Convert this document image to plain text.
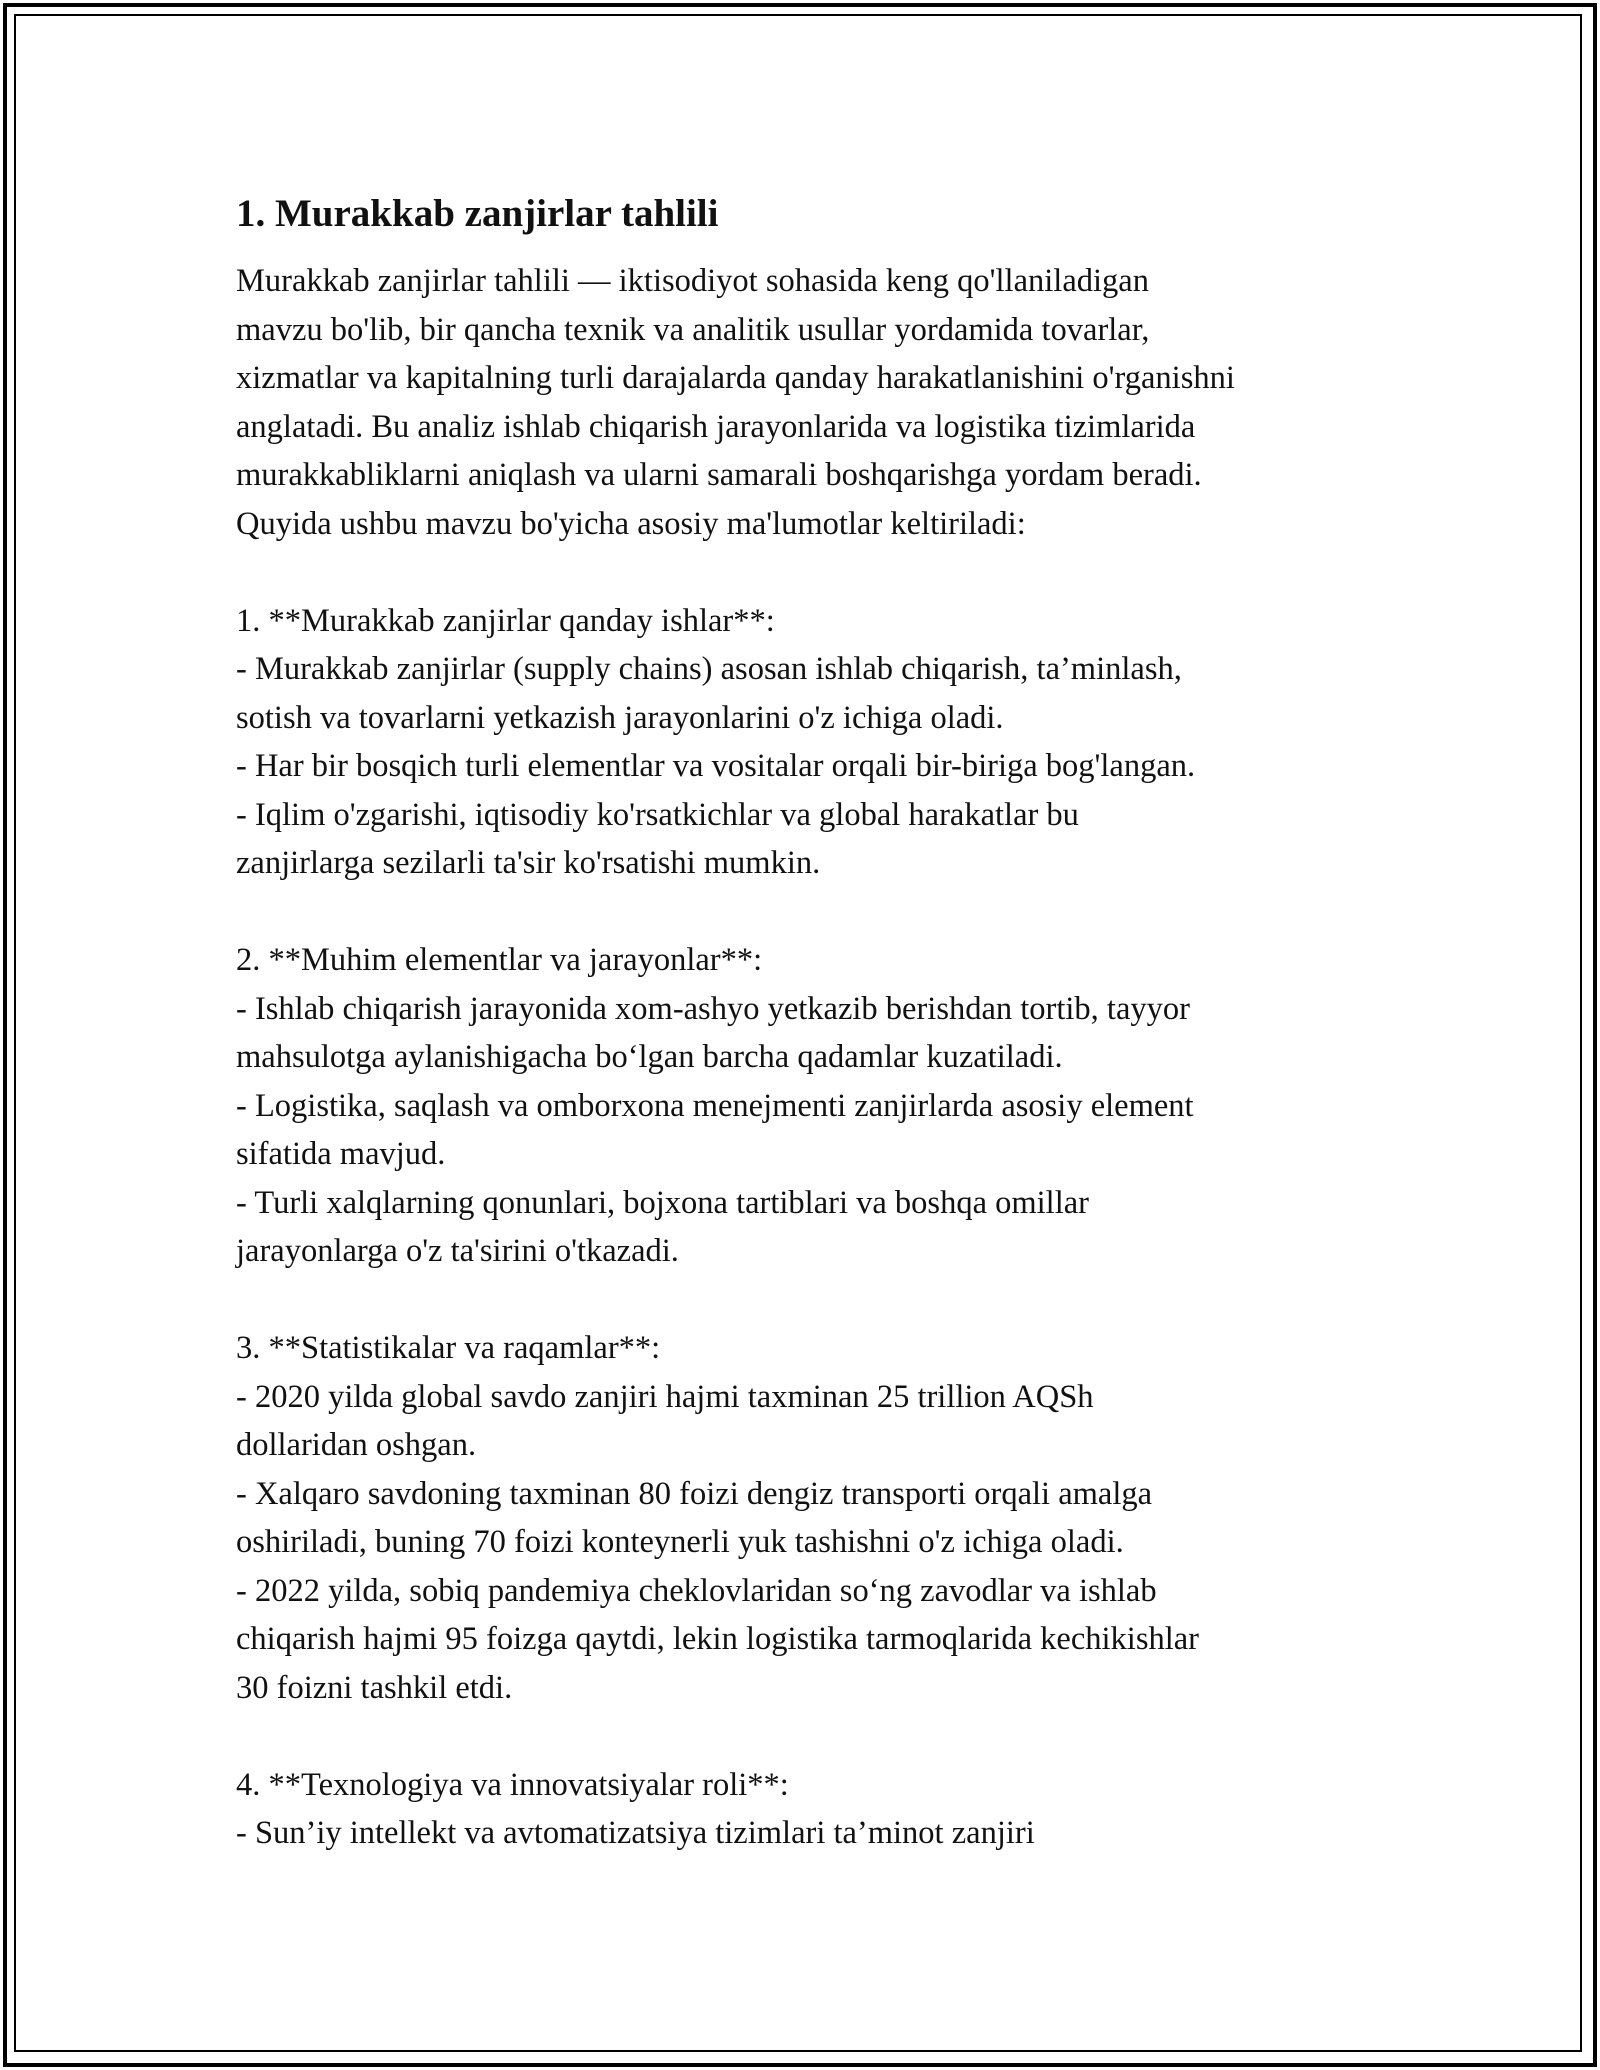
1. Murakkab zanjirlar tahlili

Murakkab zanjirlar tahlili — iktisodiyot sohasida keng qo'llaniladigan
mavzu bo'lib, bir qancha texnik va analitik usullar yordamida tovarlar,
xizmatlar va kapitalning turli darajalarda qanday harakatlanishini o'rganishni
anglatadi. Bu analiz ishlab chiqarish jarayonlarida va logistika tizimlarida
murakkabliklarni aniqlash va ularni samarali boshqarishga yordam beradi.
Quyida ushbu mavzu bo'yicha asosiy ma'lumotlar keltiriladi:

1. **Murakkab zanjirlar qanday ishlar**:
- Murakkab zanjirlar (supply chains) asosan ishlab chiqarish, ta’minlash,
sotish va tovarlarni yetkazish jarayonlarini o'z ichiga oladi.
- Har bir bosqich turli elementlar va vositalar orqali bir-biriga bog'langan.
- Iqlim o'zgarishi, iqtisodiy ko'rsatkichlar va global harakatlar bu
zanjirlarga sezilarli ta'sir ko'rsatishi mumkin.
2. **Muhim elementlar va jarayonlar**:
- Ishlab chiqarish jarayonida xom-ashyo yetkazib berishdan tortib, tayyor
mahsulotga aylanishigacha bo‘lgan barcha qadamlar kuzatiladi.
- Logistika, saqlash va omborxona menejmenti zanjirlarda asosiy element
sifatida mavjud.
- Turli xalqlarning qonunlari, bojxona tartiblari va boshqa omillar
jarayonlarga o'z ta'sirini o'tkazadi.
3. **Statistikalar va raqamlar**:
- 2020 yilda global savdo zanjiri hajmi taxminan 25 trillion AQSh
dollaridan oshgan.
- Xalqaro savdoning taxminan 80 foizi dengiz transporti orqali amalga
oshiriladi, buning 70 foizi konteynerli yuk tashishni o'z ichiga oladi.
- 2022 yilda, sobiq pandemiya cheklovlaridan so‘ng zavodlar va ishlab
chiqarish hajmi 95 foizga qaytdi, lekin logistika tarmoqlarida kechikishlar
30 foizni tashkil etdi.
4. **Texnologiya va innovatsiyalar roli**:
- Sun’iy intellekt va avtomatizatsiya tizimlari ta’minot zanjiri
